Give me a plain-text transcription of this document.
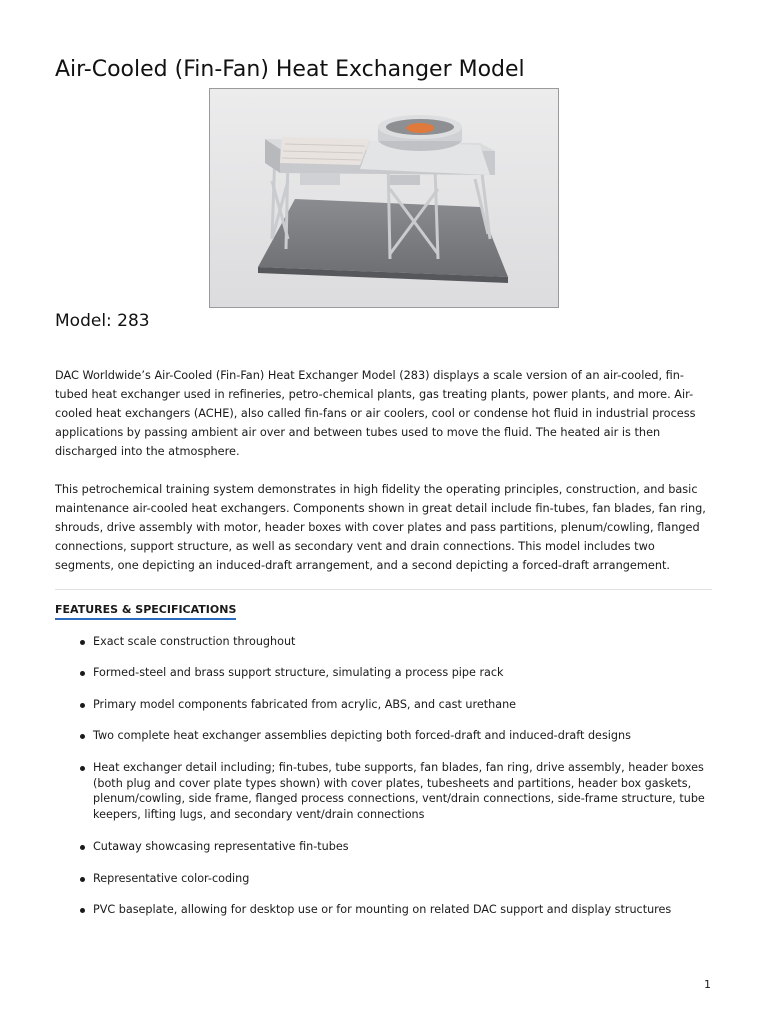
Air-Cooled (Fin-Fan) Heat Exchanger Model
Model: 283

DAC Worldwide’s Air-Cooled (Fin-Fan) Heat Exchanger Model (283) displays a scale version of an air-cooled, fin-
tubed heat exchanger used in refineries, petro-chemical plants, gas treating plants, power plants, and more. Air-
cooled heat exchangers (ACHE), also called fin-fans or air coolers, cool or condense hot fluid in industrial process
applications by passing ambient air over and between tubes used to move the fluid. The heated air is then
discharged into the atmosphere.

This petrochemical training system demonstrates in high fidelity the operating principles, construction, and basic
maintenance air-cooled heat exchangers. Components shown in great detail include fin-tubes, fan blades, fan ring,
shrouds, drive assembly with motor, header boxes with cover plates and pass partitions, plenum/cowling, flanged
connections, support structure, as well as secondary vent and drain connections. This model includes two
segments, one depicting an induced-draft arrangement, and a second depicting a forced-draft arrangement.

FEATURES & SPECIFICATIONS
Exact scale construction throughout
Formed-steel and brass support structure, simulating a process pipe rack
Primary model components fabricated from acrylic, ABS, and cast urethane
Two complete heat exchanger assemblies depicting both forced-draft and induced-draft designs
Heat exchanger detail including; fin-tubes, tube supports, fan blades, fan ring, drive assembly, header boxes
(both plug and cover plate types shown) with cover plates, tubesheets and partitions, header box gaskets,
plenum/cowling, side frame, flanged process connections, vent/drain connections, side-frame structure, tube
keepers, lifting lugs, and secondary vent/drain connections
Cutaway showcasing representative fin-tubes
Representative color-coding
PVC baseplate, allowing for desktop use or for mounting on related DAC support and display structures
1
